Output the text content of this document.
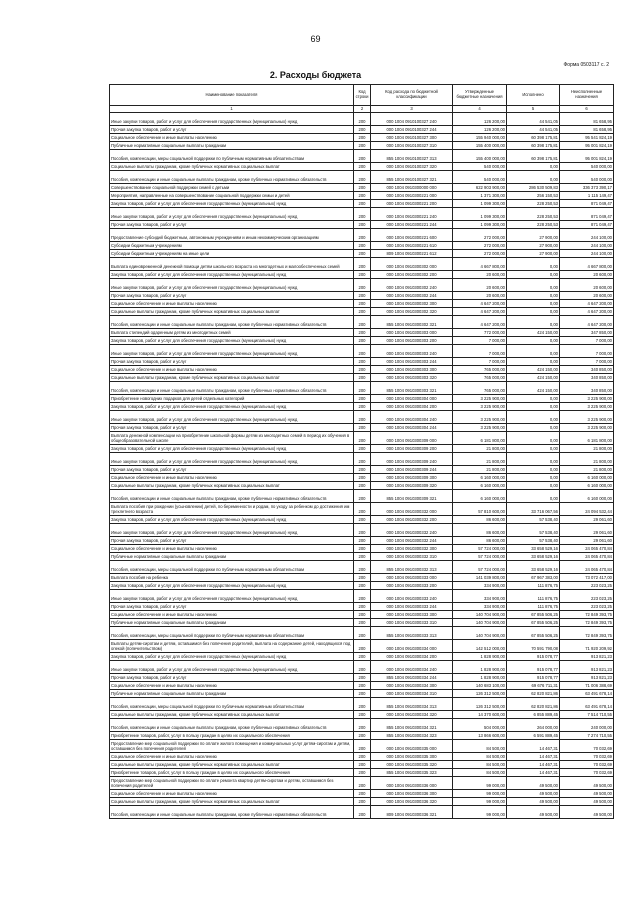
69
Форма 0503117 с. 2
2. Расходы бюджета
Наименование показателя	Код строки	Код расхода по бюджетной классификации	Утвержденные бюджетные назначения	Исполнено	Неисполненные назначения
1	2	3	4	5	6
Иные закупки товаров, работ и услуг для обеспечения государственных (муниципальных) нужд	200	000 1004 0910100327 240	126 200,00	44 541,05	81 658,95
Прочая закупка товаров, работ и услуг	200	000 1004 0910100327 244	126 200,00	44 541,05	81 658,95
Социальное обеспечение и иные выплаты населению	200	000 1004 0910100327 300	155 940 000,00	60 398 175,81	95 541 824,19
Публичные нормативные социальные выплаты гражданам	200	000 1004 0910100327 310	155 400 000,00	60 398 175,81	95 001 824,19
Пособия, компенсации, меры социальной поддержки по публичным нормативным обязательствам	200	855 1004 0910100327 313	155 400 000,00	60 398 175,81	95 001 824,19
Социальные выплаты гражданам, кроме публичных нормативных социальных выплат	200	000 1004 0910100327 320	540 000,00	0,00	540 000,00
Пособия, компенсации и иные социальные выплаты гражданам, кроме публичных нормативных обязательств	200	855 1004 0910100327 321	540 000,00	0,00	540 000,00
Совершенствование социальной поддержки семей с детьми	200	000 1004 0910300000 000	622 903 900,00	286 530 509,83	336 373 390,17
Мероприятия, направленные на совершенствование социальной поддержки семьи и детей	200	000 1004 0910300221 000	1 371 300,00	256 150,53	1 115 149,47
Закупка товаров, работ и услуг для обеспечения государственных (муниципальных) нужд	200	000 1004 0910300221 200	1 099 300,00	228 250,53	871 049,47
Иные закупки товаров, работ и услуг для обеспечения государственных (муниципальных) нужд	200	000 1004 0910300221 240	1 099 300,00	228 250,53	871 049,47
Прочая закупка товаров, работ и услуг	200	000 1004 0910300221 244	1 099 300,00	228 250,53	871 049,47
Предоставление субсидий бюджетным, автономным учреждениям и иным некоммерческим организациям	200	000 1004 0910300221 600	272 000,00	27 900,00	244 100,00
Субсидии бюджетным учреждениям	200	000 1004 0910300221 610	272 000,00	27 900,00	244 100,00
Субсидии бюджетным учреждениям на иные цели	200	809 1004 0910300221 612	272 000,00	27 900,00	244 100,00
Выплата единовременной денежной помощи детям школьного возраста из многодетных и малообеспеченных семей	200	000 1004 0910300302 000	4 667 800,00	0,00	4 667 800,00
Закупка товаров, работ и услуг для обеспечения государственных (муниципальных) нужд	200	000 1004 0910300302 200	20 600,00	0,00	20 600,00
Иные закупки товаров, работ и услуг для обеспечения государственных (муниципальных) нужд	200	000 1004 0910300302 240	20 600,00	0,00	20 600,00
Прочая закупка товаров, работ и услуг	200	000 1004 0910300302 244	20 600,00	0,00	20 600,00
Социальное обеспечение и иные выплаты населению	200	000 1004 0910300302 300	4 647 200,00	0,00	4 647 200,00
Социальные выплаты гражданам, кроме публичных нормативных социальных выплат	200	000 1004 0910300302 320	4 647 200,00	0,00	4 647 200,00
Пособия, компенсации и иные социальные выплаты гражданам, кроме публичных нормативных обязательств	200	855 1004 0910300302 321	4 647 200,00	0,00	4 647 200,00
Выплата стипендий одаренным детям из многодетных семей	200	000 1004 0910300303 000	772 000,00	424 150,00	347 850,00
Закупка товаров, работ и услуг для обеспечения государственных (муниципальных) нужд	200	000 1004 0910300303 200	7 000,00	0,00	7 000,00
Иные закупки товаров, работ и услуг для обеспечения государственных (муниципальных) нужд	200	000 1004 0910300303 240	7 000,00	0,00	7 000,00
Прочая закупка товаров, работ и услуг	200	000 1004 0910300303 244	7 000,00	0,00	7 000,00
Социальное обеспечение и иные выплаты населению	200	000 1004 0910300303 300	765 000,00	424 150,00	340 850,00
Социальные выплаты гражданам, кроме публичных нормативных социальных выплат	200	000 1004 0910300303 320	765 000,00	424 150,00	340 850,00
Пособия, компенсации и иные социальные выплаты гражданам, кроме публичных нормативных обязательств	200	855 1004 0910300303 321	765 000,00	424 150,00	340 850,00
Приобретение новогодних подарков для детей отдельных категорий	200	000 1004 0910300304 000	3 225 900,00	0,00	3 225 900,00
Закупка товаров, работ и услуг для обеспечения государственных (муниципальных) нужд	200	000 1004 0910300304 200	3 225 900,00	0,00	3 225 900,00
Иные закупки товаров, работ и услуг для обеспечения государственных (муниципальных) нужд	200	000 1004 0910300304 240	3 225 900,00	0,00	3 225 900,00
Прочая закупка товаров, работ и услуг	200	000 1004 0910300304 244	3 225 900,00	0,00	3 225 900,00
Выплата денежной компенсации на приобретение школьной формы детям из многодетных семей в период их обучения в общеобразовательной школе	200	000 1004 0910300309 000	6 181 800,00	0,00	6 181 800,00
Закупка товаров, работ и услуг для обеспечения государственных (муниципальных) нужд	200	000 1004 0910300309 200	21 800,00	0,00	21 800,00
Иные закупки товаров, работ и услуг для обеспечения государственных (муниципальных) нужд	200	000 1004 0910300309 240	21 800,00	0,00	21 800,00
Прочая закупка товаров, работ и услуг	200	000 1004 0910300309 244	21 800,00	0,00	21 800,00
Социальное обеспечение и иные выплаты населению	200	000 1004 0910300309 300	6 160 000,00	0,00	6 160 000,00
Социальные выплаты гражданам, кроме публичных нормативных социальных выплат	200	000 1004 0910300309 320	6 160 000,00	0,00	6 160 000,00
Пособия, компенсации и иные социальные выплаты гражданам, кроме публичных нормативных обязательств	200	855 1004 0910300309 321	6 160 000,00	0,00	6 160 000,00
Выплата пособия при рождении (усыновлении) детей, по беременности и родам, по уходу за ребенком до достижения им трехлетнего возраста	200	000 1004 0910300332 000	57 810 600,00	33 716 067,56	24 094 532,44
Закупка товаров, работ и услуг для обеспечения государственных (муниципальных) нужд	200	000 1004 0910300332 200	86 600,00	57 538,40	29 061,60
Иные закупки товаров, работ и услуг для обеспечения государственных (муниципальных) нужд	200	000 1004 0910300332 240	86 600,00	57 538,40	29 061,60
Прочая закупка товаров, работ и услуг	200	000 1004 0910300332 244	86 600,00	57 538,40	29 061,60
Социальное обеспечение и иные выплаты населению	200	000 1004 0910300332 300	57 724 000,00	33 658 529,16	24 065 470,84
Публичные нормативные социальные выплаты гражданам	200	000 1004 0910300332 310	57 724 000,00	33 658 529,16	24 065 470,84
Пособия, компенсации, меры социальной поддержки по публичным нормативным обязательствам	200	855 1004 0910300332 313	57 724 000,00	33 658 529,16	24 065 470,84
Выплата пособия на ребенка	200	000 1004 0910300333 000	141 039 800,00	67 967 383,00	73 072 417,00
Закупка товаров, работ и услуг для обеспечения государственных (муниципальных) нужд	200	000 1004 0910300333 200	334 900,00	111 876,75	223 023,25
Иные закупки товаров, работ и услуг для обеспечения государственных (муниципальных) нужд	200	000 1004 0910300333 240	334 900,00	111 876,75	223 023,25
Прочая закупка товаров, работ и услуг	200	000 1004 0910300333 244	334 900,00	111 876,75	223 023,25
Социальное обеспечение и иные выплаты населению	200	000 1004 0910300333 300	140 704 900,00	67 855 506,25	72 849 393,75
Публичные нормативные социальные выплаты гражданам	200	000 1004 0910300333 310	140 704 900,00	67 855 506,25	72 849 393,75
Пособия, компенсации, меры социальной поддержки по публичным нормативным обязательствам	200	855 1004 0910300333 313	140 704 900,00	67 855 506,25	72 849 393,75
Выплаты детям-сиротам и детям, оставшимся без попечения родителей, выплата на содержание детей, находящихся под опекой (попечительством)	200	000 1004 0910300334 000	142 512 000,00	70 591 790,08	71 920 209,92
Закупка товаров, работ и услуг для обеспечения государственных (муниципальных) нужд	200	000 1004 0910300334 200	1 828 900,00	915 078,77	913 821,23
Иные закупки товаров, работ и услуг для обеспечения государственных (муниципальных) нужд	200	000 1004 0910300334 240	1 828 900,00	915 078,77	913 821,23
Прочая закупка товаров, работ и услуг	200	855 1004 0910300334 244	1 828 900,00	915 078,77	913 821,23
Социальное обеспечение и иные выплаты населению	200	000 1004 0910300334 300	140 683 100,00	69 676 711,31	71 006 388,69
Публичные нормативные социальные выплаты гражданам	200	000 1004 0910300334 310	126 312 500,00	62 820 821,86	63 491 678,14
Пособия, компенсации, меры социальной поддержки по публичным нормативным обязательствам	200	855 1004 0910300334 313	126 312 500,00	62 820 821,86	63 491 678,14
Социальные выплаты гражданам, кроме публичных нормативных социальных выплат	200	000 1004 0910300334 320	14 370 600,00	6 855 889,45	7 514 710,55
Пособия, компенсации и иные социальные выплаты гражданам, кроме публичных нормативных обязательств	200	855 1004 0910300334 321	504 000,00	264 000,00	240 000,00
Приобретение товаров, работ, услуг в пользу граждан в целях их социального обеспечения	200	855 1004 0910300334 323	13 866 600,00	6 591 889,45	7 274 710,55
Предоставление мер социальной поддержки по оплате жилого помещения и коммунальных услуг детям-сиротам и детям, оставшимся без попечения родителей	200	000 1004 0910300335 000	84 500,00	14 467,31	70 032,69
Социальное обеспечение и иные выплаты населению	200	000 1004 0910300335 300	84 500,00	14 467,31	70 032,69
Социальные выплаты гражданам, кроме публичных нормативных социальных выплат	200	000 1004 0910300335 320	84 500,00	14 467,31	70 032,69
Приобретение товаров, работ, услуг в пользу граждан в целях их социального обеспечения	200	855 1004 0910300335 323	84 500,00	14 467,31	70 032,69
Предоставление мер социальной поддержки по оплате ремонта квартир детям-сиротам и детям, оставшимся без попечения родителей	200	000 1004 0910300336 000	99 000,00	49 500,00	49 500,00
Социальное обеспечение и иные выплаты населению	200	000 1004 0910300336 300	99 000,00	49 500,00	49 500,00
Социальные выплаты гражданам, кроме публичных нормативных социальных выплат	200	000 1004 0910300336 320	99 000,00	49 500,00	49 500,00
Пособия, компенсации и иные социальные выплаты гражданам, кроме публичных нормативных обязательств	200	809 1004 0910300336 321	99 000,00	49 500,00	49 500,00
